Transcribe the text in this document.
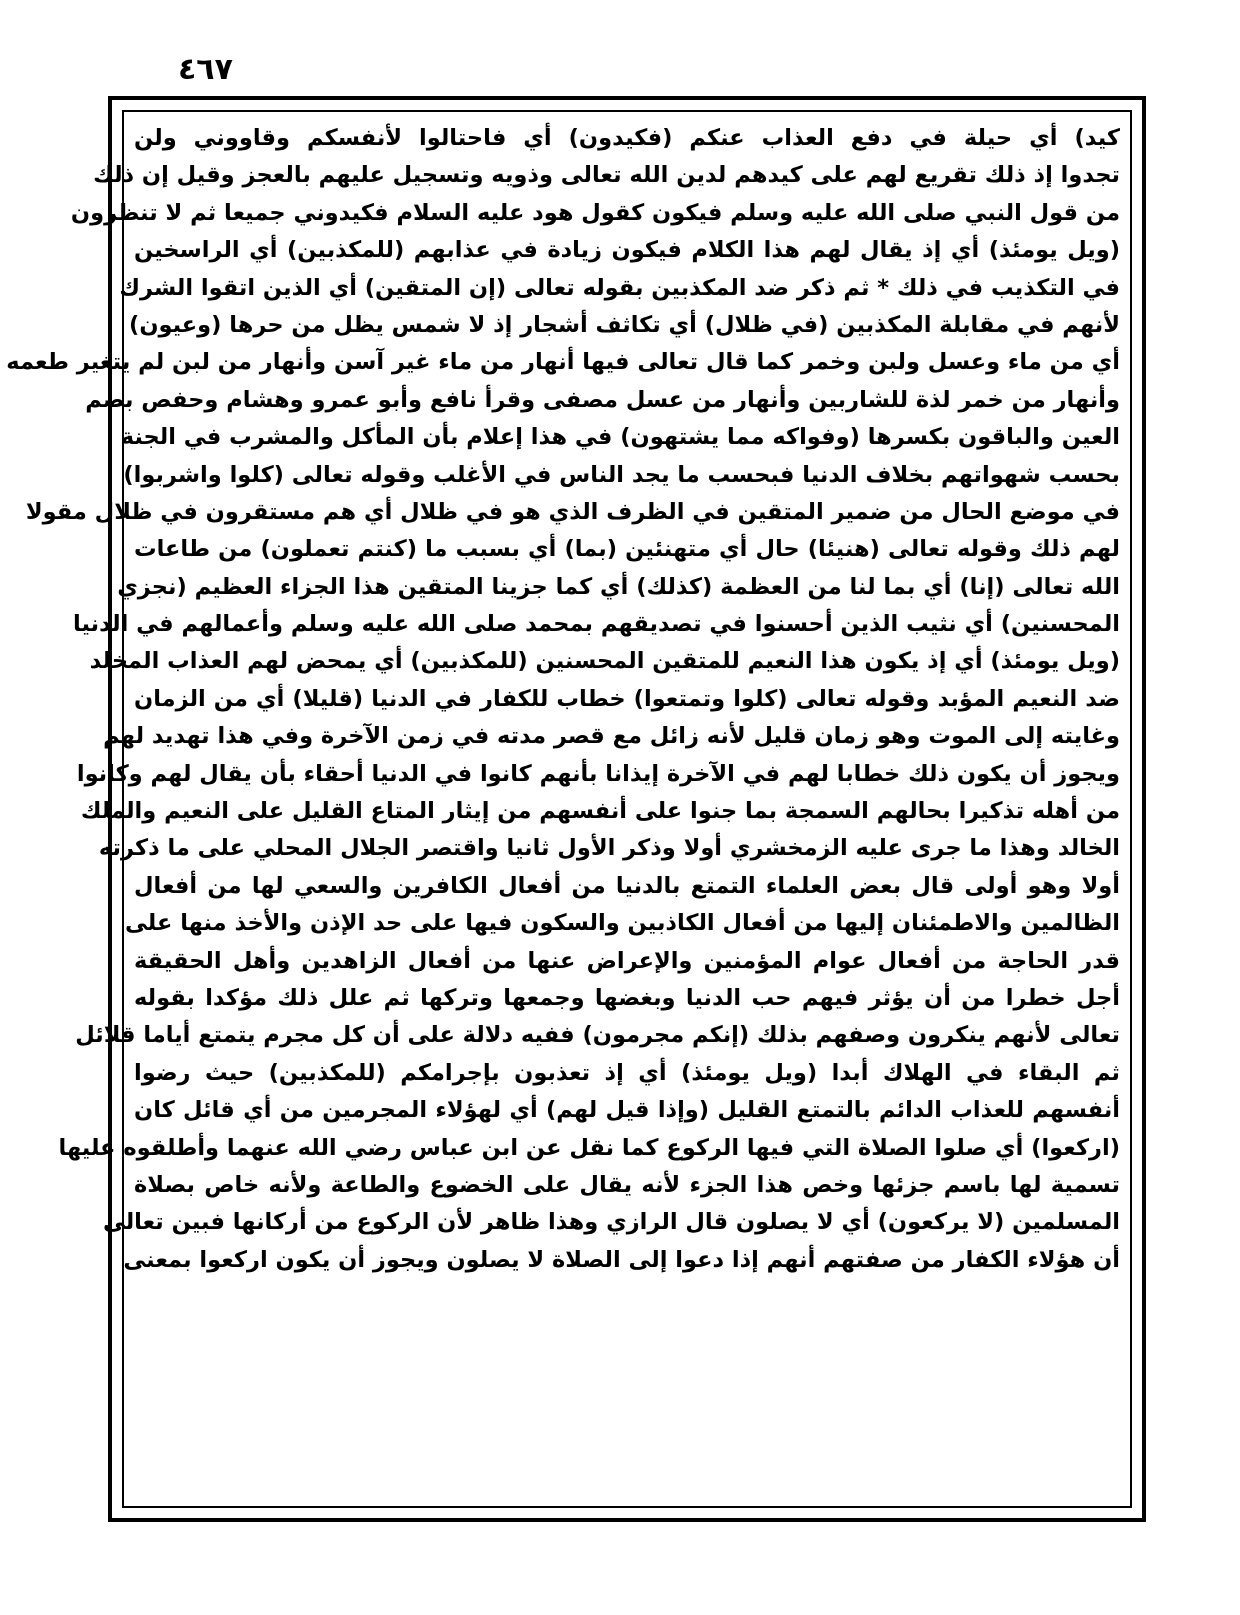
٤٦٧
كيد) أي حيلة في دفع العذاب عنكم (فكيدون) أي فاحتالوا لأنفسكم وقاووني ولن
تجدوا إذ ذلك تقريع لهم على كيدهم لدين الله تعالى وذويه وتسجيل عليهم بالعجز وقيل إن ذلك
من قول النبي صلى الله عليه وسلم فيكون كقول هود عليه السلام فكيدوني جميعا ثم لا تنظرون
(ويل يومئذ) أي إذ يقال لهم هذا الكلام فيكون زيادة في عذابهم (للمكذبين) أي الراسخين
في التكذيب في ذلك * ثم ذكر ضد المكذبين بقوله تعالى (إن المتقين) أي الذين اتقوا الشرك
لأنهم في مقابلة المكذبين (في ظلال) أي تكاثف أشجار إذ لا شمس يظل من حرها (وعيون)
أي من ماء وعسل ولبن وخمر كما قال تعالى فيها أنهار من ماء غير آسن وأنهار من لبن لم يتغير طعمه
وأنهار من خمر لذة للشاربين وأنهار من عسل مصفى وقرأ نافع وأبو عمرو وهشام وحفص بضم
العين والباقون بكسرها (وفواكه مما يشتهون) في هذا إعلام بأن المأكل والمشرب في الجنة
بحسب شهواتهم بخلاف الدنيا فبحسب ما يجد الناس في الأغلب وقوله تعالى (كلوا واشربوا)
في موضع الحال من ضمير المتقين في الظرف الذي هو في ظلال أي هم مستقرون في ظلال مقولا
لهم ذلك وقوله تعالى (هنيئا) حال أي متهنئين (بما) أي بسبب ما (كنتم تعملون) من طاعات
الله تعالى (إنا) أي بما لنا من العظمة (كذلك) أي كما جزينا المتقين هذا الجزاء العظيم (نجزي
المحسنين) أي نثيب الذين أحسنوا في تصديقهم بمحمد صلى الله عليه وسلم وأعمالهم في الدنيا
(ويل يومئذ) أي إذ يكون هذا النعيم للمتقين المحسنين (للمكذبين) أي يمحض لهم العذاب المخلد
ضد النعيم المؤبد وقوله تعالى (كلوا وتمتعوا) خطاب للكفار في الدنيا (قليلا) أي من الزمان
وغايته إلى الموت وهو زمان قليل لأنه زائل مع قصر مدته في زمن الآخرة وفي هذا تهديد لهم
ويجوز أن يكون ذلك خطابا لهم في الآخرة إيذانا بأنهم كانوا في الدنيا أحقاء بأن يقال لهم وكانوا
من أهله تذكيرا بحالهم السمجة بما جنوا على أنفسهم من إيثار المتاع القليل على النعيم والملك
الخالد وهذا ما جرى عليه الزمخشري أولا وذكر الأول ثانيا واقتصر الجلال المحلي على ما ذكرته
أولا وهو أولى قال بعض العلماء التمتع بالدنيا من أفعال الكافرين والسعي لها من أفعال
الظالمين والاطمئنان إليها من أفعال الكاذبين والسكون فيها على حد الإذن والأخذ منها على
قدر الحاجة من أفعال عوام المؤمنين والإعراض عنها من أفعال الزاهدين وأهل الحقيقة
أجل خطرا من أن يؤثر فيهم حب الدنيا وبغضها وجمعها وتركها ثم علل ذلك مؤكدا بقوله
تعالى لأنهم ينكرون وصفهم بذلك (إنكم مجرمون) ففيه دلالة على أن كل مجرم يتمتع أياما قلائل
ثم البقاء في الهلاك أبدا (ويل يومئذ) أي إذ تعذبون بإجرامكم (للمكذبين) حيث رضوا
أنفسهم للعذاب الدائم بالتمتع القليل (وإذا قيل لهم) أي لهؤلاء المجرمين من أي قائل كان
(اركعوا) أي صلوا الصلاة التي فيها الركوع كما نقل عن ابن عباس رضي الله عنهما وأطلقوه عليها
تسمية لها باسم جزئها وخص هذا الجزء لأنه يقال على الخضوع والطاعة ولأنه خاص بصلاة
المسلمين (لا يركعون) أي لا يصلون قال الرازي وهذا ظاهر لأن الركوع من أركانها فبين تعالى
أن هؤلاء الكفار من صفتهم أنهم إذا دعوا إلى الصلاة لا يصلون ويجوز أن يكون اركعوا بمعنى
